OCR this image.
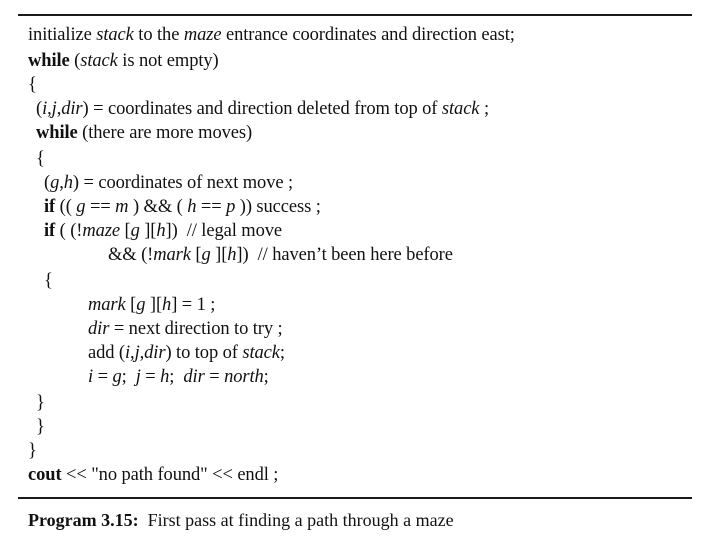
initialize stack to the maze entrance coordinates and direction east;
while (stack is not empty)
{
(i,j,dir) = coordinates and direction deleted from top of stack ;
while (there are more moves)
{
(g,h) = coordinates of next move ;
if (( g == m ) && ( h == p )) success ;
if ( (!maze [g ][h])  // legal move
&& (!mark [g ][h])  // haven’t been here before
{
mark [g ][h] = 1 ;
dir = next direction to try ;
add (i,j,dir) to top of stack;
i = g;  j = h;  dir = north;
}
}
}
cout << "no path found" << endl ;
Program 3.15:  First pass at finding a path through a maze
